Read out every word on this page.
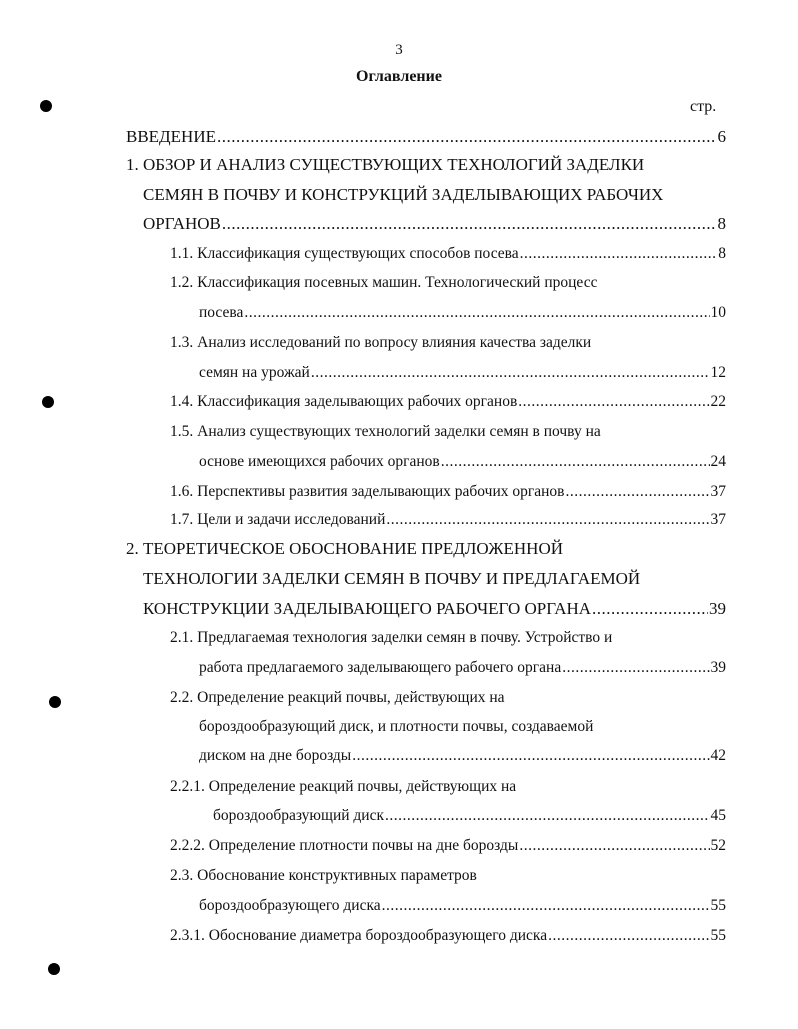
3
Оглавление
стр.
ВВЕДЕНИЕ .....	6
1. ОБЗОР И АНАЛИЗ СУЩЕСТВУЮЩИХ ТЕХНОЛОГИЙ ЗАДЕЛКИ
СЕМЯН В ПОЧВУ И КОНСТРУКЦИЙ ЗАДЕЛЫВАЮЩИХ РАБОЧИХ
ОРГАНОВ .....	8
1.1. Классификация существующих способов посева .....	8
1.2. Классификация посевных машин. Технологический процесс
посева .....	10
1.3. Анализ исследований по вопросу влияния качества заделки
семян на урожай .....	12
1.4. Классификация заделывающих рабочих органов .....	22
1.5. Анализ существующих технологий заделки семян в почву на
основе имеющихся рабочих органов .....	24
1.6. Перспективы развития заделывающих рабочих органов .....	37
1.7. Цели и задачи исследований .....	37
2. ТЕОРЕТИЧЕСКОЕ ОБОСНОВАНИЕ ПРЕДЛОЖЕННОЙ
ТЕХНОЛОГИИ ЗАДЕЛКИ СЕМЯН В ПОЧВУ И ПРЕДЛАГАЕМОЙ
КОНСТРУКЦИИ ЗАДЕЛЫВАЮЩЕГО РАБОЧЕГО ОРГАНА .....	39
2.1. Предлагаемая технология заделки семян в почву. Устройство и
работа предлагаемого заделывающего рабочего органа .....	39
2.2. Определение реакций почвы, действующих на
бороздообразующий диск, и плотности почвы, создаваемой
диском на дне борозды .....	42
2.2.1. Определение реакций почвы, действующих на
бороздообразующий диск .....	45
2.2.2. Определение плотности почвы на дне борозды .....	52
2.3. Обоснование конструктивных параметров
бороздообразующего диска .....	55
2.3.1. Обоснование диаметра бороздообразующего диска .....	55
